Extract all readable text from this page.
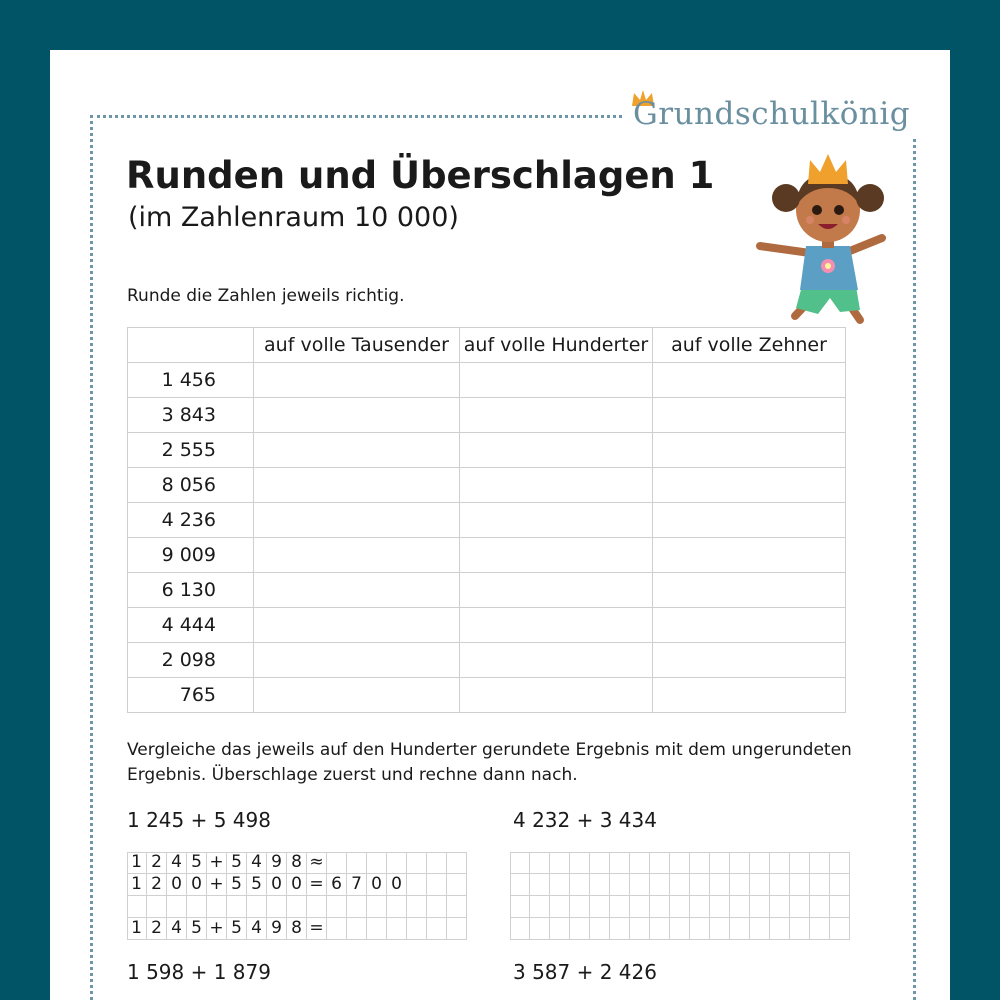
Grundschulkönig
Runden und Überschlagen 1
(im Zahlenraum 10 000)
Runde die Zahlen jeweils richtig.
	auf volle Tausender	auf volle Hunderter	auf volle Zehner
1 456			
3 843			
2 555			
8 056			
4 236			
9 009			
6 130			
4 444			
2 098			
765			
Vergleiche das jeweils auf den Hunderter gerundete Ergebnis mit dem ungerundeten
Ergebnis. Überschlage zuerst und rechne dann nach.
1 245 + 5 498	4 232 + 3 434
1 2 4 5 + 5 4 9 8 ≈
1 2 0 0 + 5 5 0 0 = 6 7 0 0
1 2 4 5 + 5 4 9 8 =
1 598 + 1 879	3 587 + 2 426
